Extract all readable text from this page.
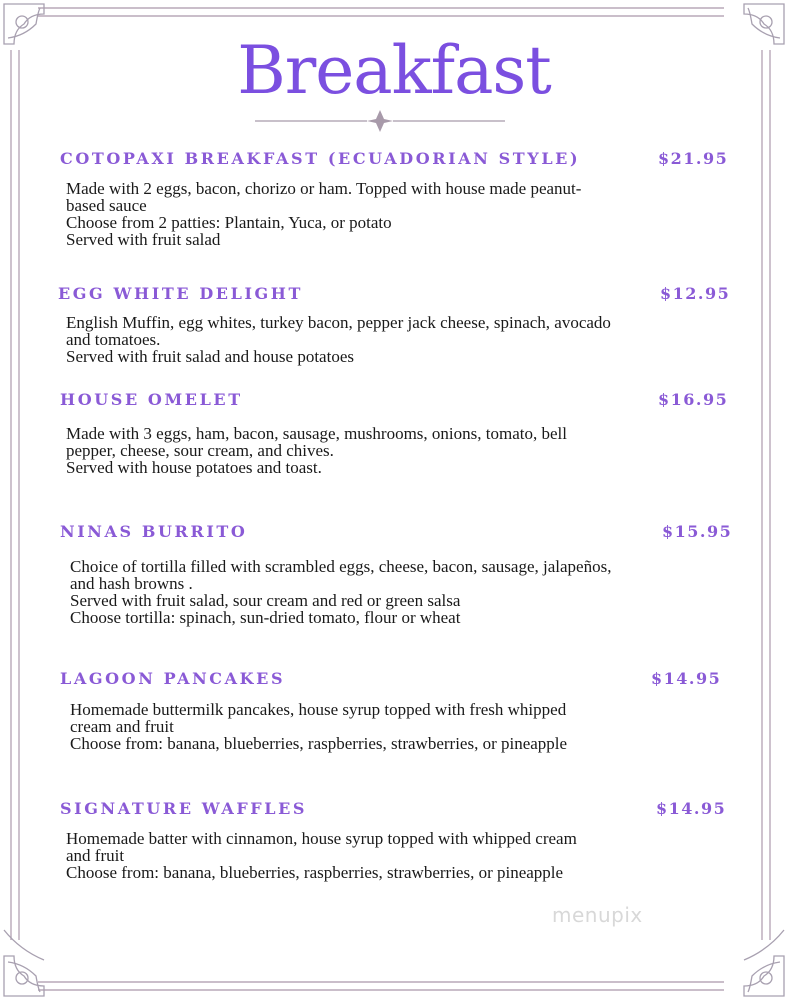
Breakfast
COTOPAXI BREAKFAST (ECUADORIAN STYLE)	$21.95
Made with 2 eggs, bacon, chorizo or ham. Topped with house made peanut-
based sauce
Choose from 2 patties: Plantain, Yuca, or potato
Served with fruit salad
EGG WHITE DELIGHT	$12.95
English Muffin, egg whites, turkey bacon, pepper jack cheese, spinach, avocado
and tomatoes.
Served with fruit salad and house potatoes
HOUSE OMELET	$16.95
Made with 3 eggs, ham, bacon, sausage, mushrooms, onions, tomato, bell
pepper, cheese, sour cream, and chives.
Served with house potatoes and toast.
NINAS BURRITO	$15.95
Choice of tortilla filled with scrambled eggs, cheese, bacon, sausage, jalapeños,
and hash browns .
Served with fruit salad, sour cream and red or green salsa
Choose tortilla: spinach, sun-dried tomato, flour or wheat
LAGOON PANCAKES	$14.95
Homemade buttermilk pancakes, house syrup topped with fresh whipped
cream and fruit
Choose from: banana, blueberries, raspberries, strawberries, or pineapple
SIGNATURE WAFFLES	$14.95
Homemade batter with cinnamon, house syrup topped with whipped cream
and fruit
Choose from: banana, blueberries, raspberries, strawberries, or pineapple
menupix
